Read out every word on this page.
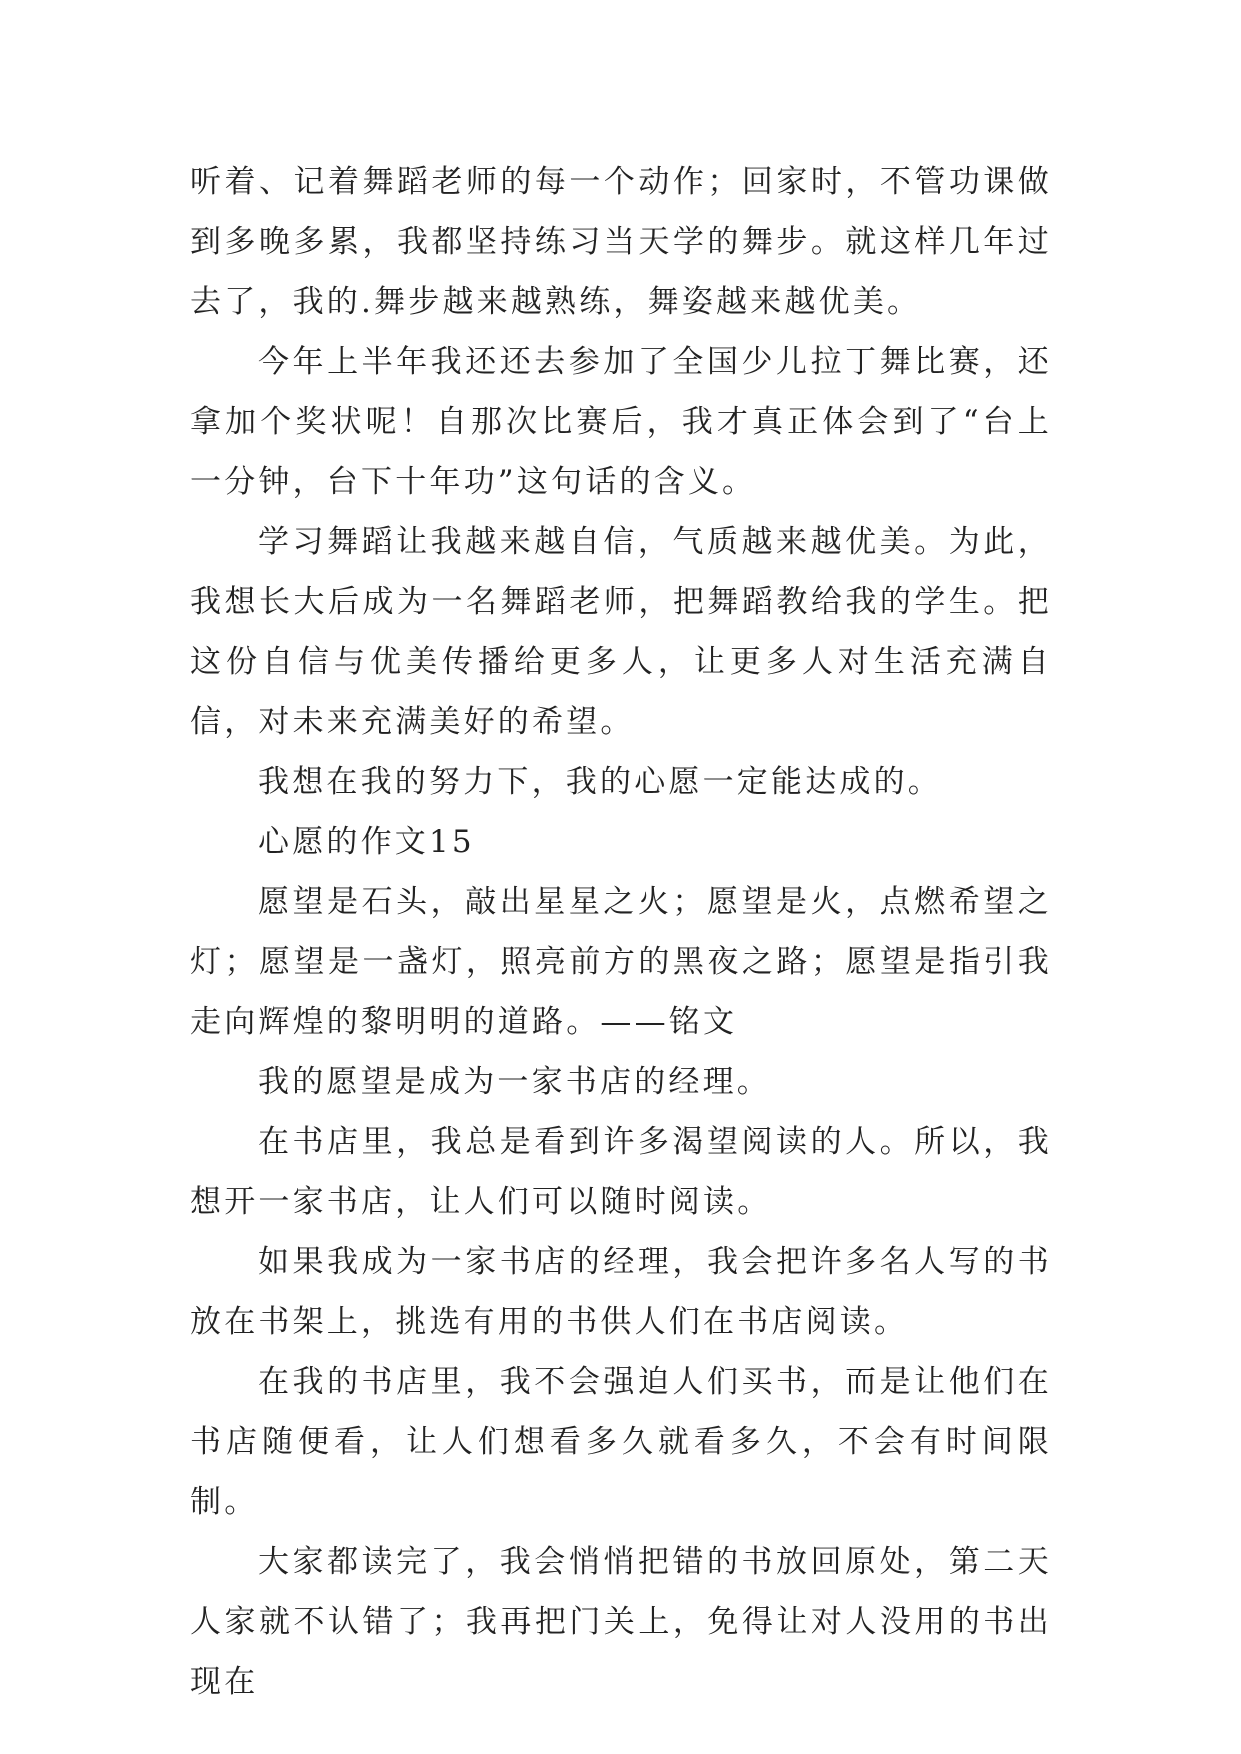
听着、记着舞蹈老师的每一个动作；回家时，不管功课做到多晚多累，我都坚持练习当天学的舞步。就这样几年过去了，我的.舞步越来越熟练，舞姿越来越优美。

今年上半年我还还去参加了全国少儿拉丁舞比赛，还拿加个奖状呢！自那次比赛后，我才真正体会到了“台上一分钟，台下十年功”这句话的含义。

学习舞蹈让我越来越自信，气质越来越优美。为此，我想长大后成为一名舞蹈老师，把舞蹈教给我的学生。把这份自信与优美传播给更多人，让更多人对生活充满自信，对未来充满美好的希望。

我想在我的努力下，我的心愿一定能达成的。

心愿的作文15

愿望是石头，敲出星星之火；愿望是火，点燃希望之灯；愿望是一盏灯，照亮前方的黑夜之路；愿望是指引我走向辉煌的黎明明的道路。——铭文

我的愿望是成为一家书店的经理。

在书店里，我总是看到许多渴望阅读的人。所以，我想开一家书店，让人们可以随时阅读。

如果我成为一家书店的经理，我会把许多名人写的书放在书架上，挑选有用的书供人们在书店阅读。

在我的书店里，我不会强迫人们买书，而是让他们在书店随便看，让人们想看多久就看多久，不会有时间限制。

大家都读完了，我会悄悄把错的书放回原处，第二天人家就不认错了；我再把门关上，免得让对人没用的书出现在
